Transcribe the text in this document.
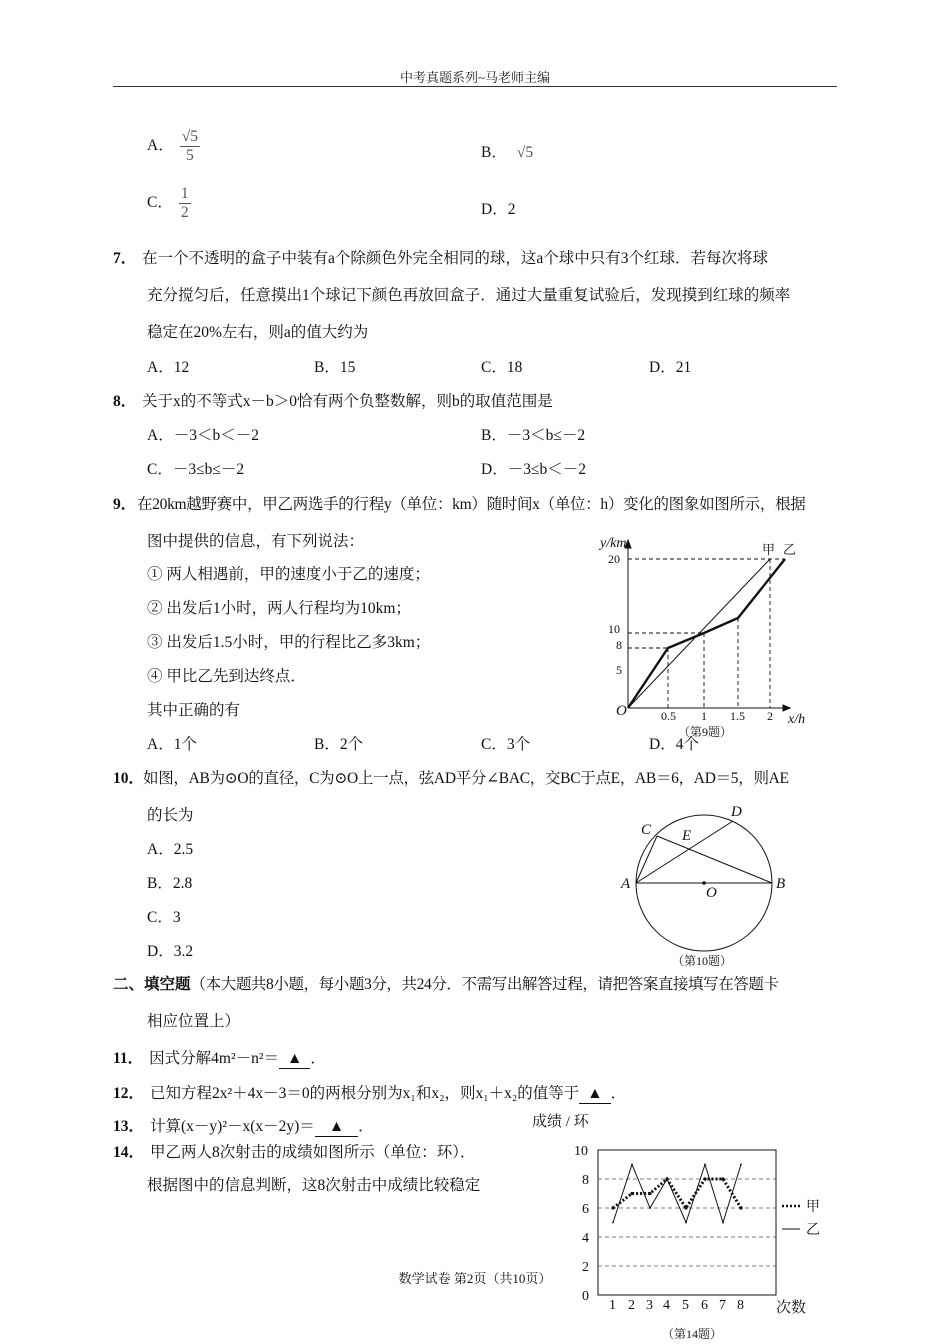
中考真题系列~马老师主编
A． $\frac{√5}{5}$	B． √5
C． $\frac{1}{2}$	D．2
7． 在一个不透明的盒子中装有a个除颜色外完全相同的球，这a个球中只有3个红球．若每次将球
充分搅匀后，任意摸出1个球记下颜色再放回盒子．通过大量重复试验后，发现摸到红球的频率
稳定在20%左右，则a的值大约为
A．12	B．15	C．18	D．21
8． 关于x的不等式x－b＞0恰有两个负整数解，则b的取值范围是
A．－3＜b＜－2	B．－3＜b≤－2
C．－3≤b≤－2	D．－3≤b＜－2
9． 在20km越野赛中，甲乙两选手的行程y（单位：km）随时间x（单位：h）变化的图象如图所示，根据
图中提供的信息，有下列说法：
① 两人相遇前，甲的速度小于乙的速度；
② 出发后1小时，两人行程均为10km；
③ 出发后1.5小时，甲的行程比乙多3km；
④ 甲比乙先到达终点．
其中正确的有
A．1个	B．2个	C．3个	D．4个
y/km
x/h
O
20
10
8
5
0.5 1 1.5 2
甲 乙
（第9题）
10．
如图，AB为⊙O的直径，C为⊙O上一点，弦AD平分∠BAC，交BC于点E，AB＝6，AD＝5，则AE
的长为
A．2.5
B．2.8
C．3
D．3.2
A	B
C
D
E
O
（第10题）
二、填空题（本大题共8小题，每小题3分，共24分．不需写出解答过程，请把答案直接填写在答题卡
相应位置上）
11． 因式分解4m²－n²＝ ▲ ．
12． 已知方程2x²＋4x－3＝0的两根分别为x₁和x₂，则x₁＋x₂的值等于 ▲ ．
13． 计算(x－y)²－x(x－2y)＝ ▲ ．
14． 甲乙两人8次射击的成绩如图所示（单位：环）．
根据图中的信息判断，这8次射击中成绩比较稳定
成绩 / 环
次数
（第14题）
0
2
4
6
8
10
1 2 3 4 5 6 7 8
甲
乙
数学试卷 第2页（共10页）
